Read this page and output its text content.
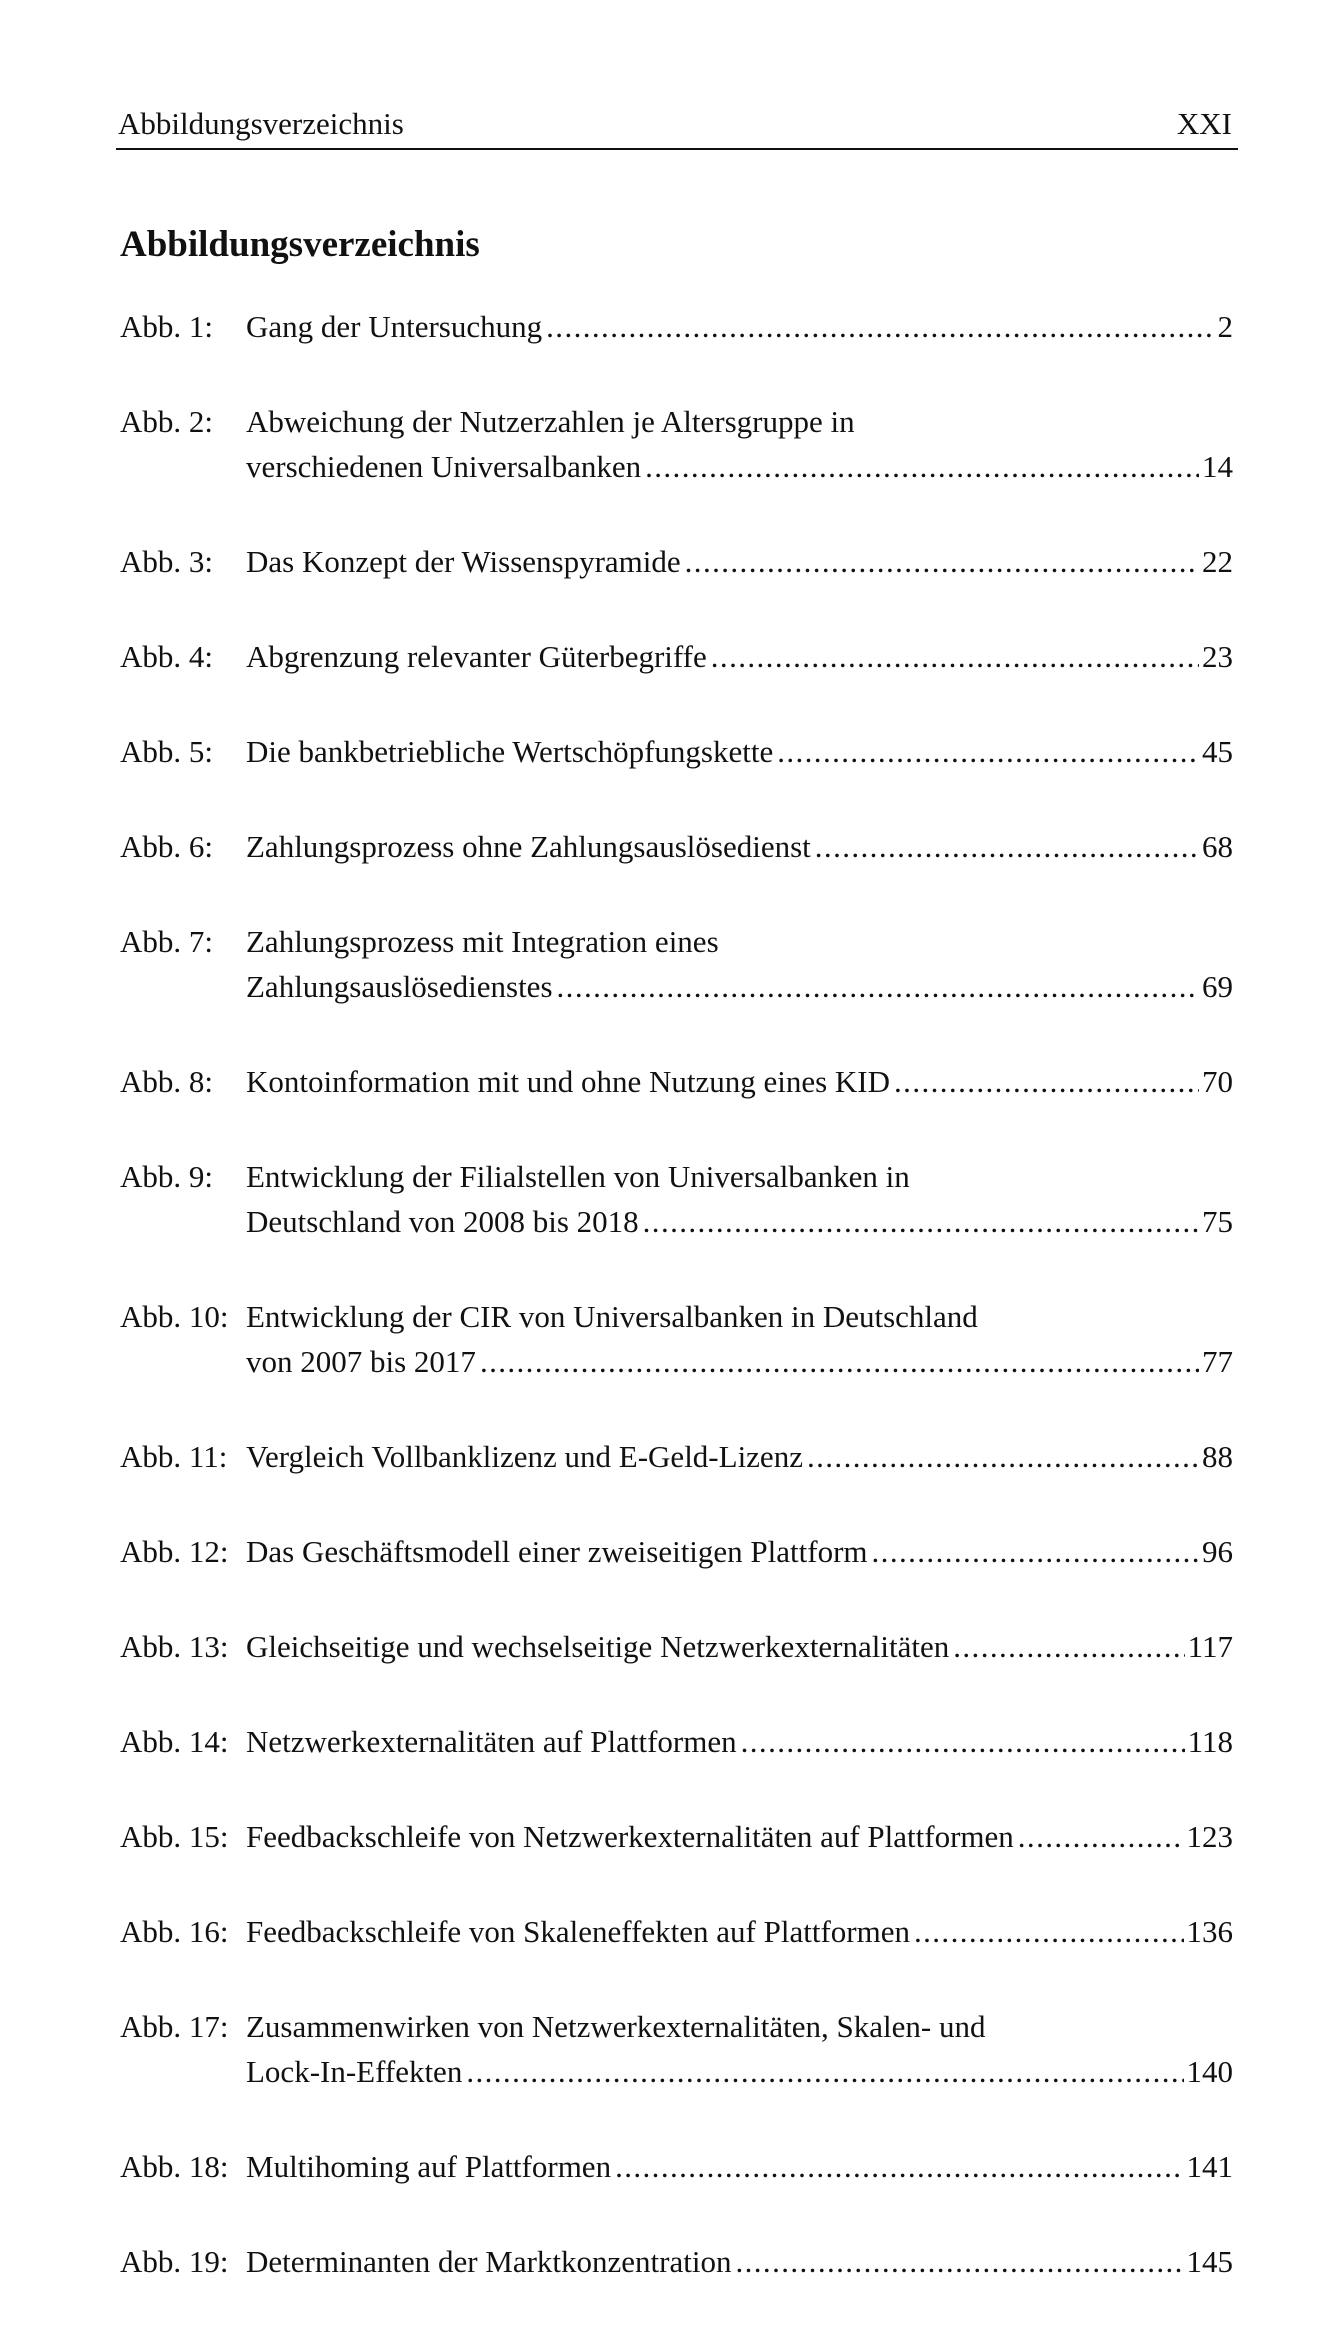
Abbildungsverzeichnis	XXI
Abbildungsverzeichnis
Abb. 1: Gang der Untersuchung .....	2
Abb. 2: Abweichung der Nutzerzahlen je Altersgruppe in
verschiedenen Universalbanken .....	14
Abb. 3: Das Konzept der Wissenspyramide .....	22
Abb. 4: Abgrenzung relevanter Güterbegriffe .....	23
Abb. 5: Die bankbetriebliche Wertschöpfungskette .....	45
Abb. 6: Zahlungsprozess ohne Zahlungsauslösedienst .....	68
Abb. 7: Zahlungsprozess mit Integration eines
Zahlungsauslösedienstes .....	69
Abb. 8: Kontoinformation mit und ohne Nutzung eines KID .....	70
Abb. 9: Entwicklung der Filialstellen von Universalbanken in
Deutschland von 2008 bis 2018 .....	75
Abb. 10: Entwicklung der CIR von Universalbanken in Deutschland
von 2007 bis 2017 .....	77
Abb. 11: Vergleich Vollbanklizenz und E-Geld-Lizenz .....	88
Abb. 12: Das Geschäftsmodell einer zweiseitigen Plattform .....	96
Abb. 13: Gleichseitige und wechselseitige Netzwerkexternalitäten .....	117
Abb. 14: Netzwerkexternalitäten auf Plattformen .....	118
Abb. 15: Feedbackschleife von Netzwerkexternalitäten auf Plattformen .....	123
Abb. 16: Feedbackschleife von Skaleneffekten auf Plattformen .....	136
Abb. 17: Zusammenwirken von Netzwerkexternalitäten, Skalen- und
Lock-In-Effekten .....	140
Abb. 18: Multihoming auf Plattformen .....	141
Abb. 19: Determinanten der Marktkonzentration .....	145
